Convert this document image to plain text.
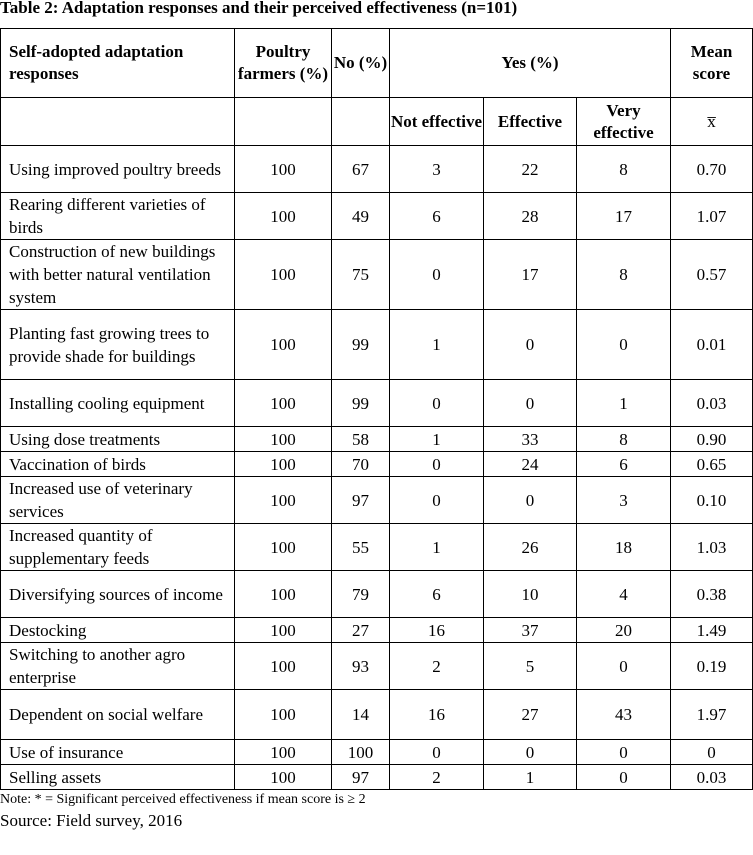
Table 2: Adaptation responses and their perceived effectiveness (n=101)
Self-adopted adaptation responses	Poultry farmers (%)	No (%)	Yes (%)			Mean score
			Not effective	Effective	Very effective	x̅
Using improved poultry breeds	100	67	3	22	8	0.70
Rearing different varieties of birds	100	49	6	28	17	1.07
Construction of new buildings with better natural ventilation system	100	75	0	17	8	0.57
Planting fast growing trees to provide shade for buildings	100	99	1	0	0	0.01
Installing cooling equipment	100	99	0	0	1	0.03
Using dose treatments	100	58	1	33	8	0.90
Vaccination of birds	100	70	0	24	6	0.65
Increased use of veterinary services	100	97	0	0	3	0.10
Increased quantity of supplementary feeds	100	55	1	26	18	1.03
Diversifying sources of income	100	79	6	10	4	0.38
Destocking	100	27	16	37	20	1.49
Switching to another agro enterprise	100	93	2	5	0	0.19
Dependent on social welfare	100	14	16	27	43	1.97
Use of insurance	100	100	0	0	0	0
Selling assets	100	97	2	1	0	0.03
Note: * = Significant perceived effectiveness if mean score is ≥ 2
Source: Field survey, 2016
